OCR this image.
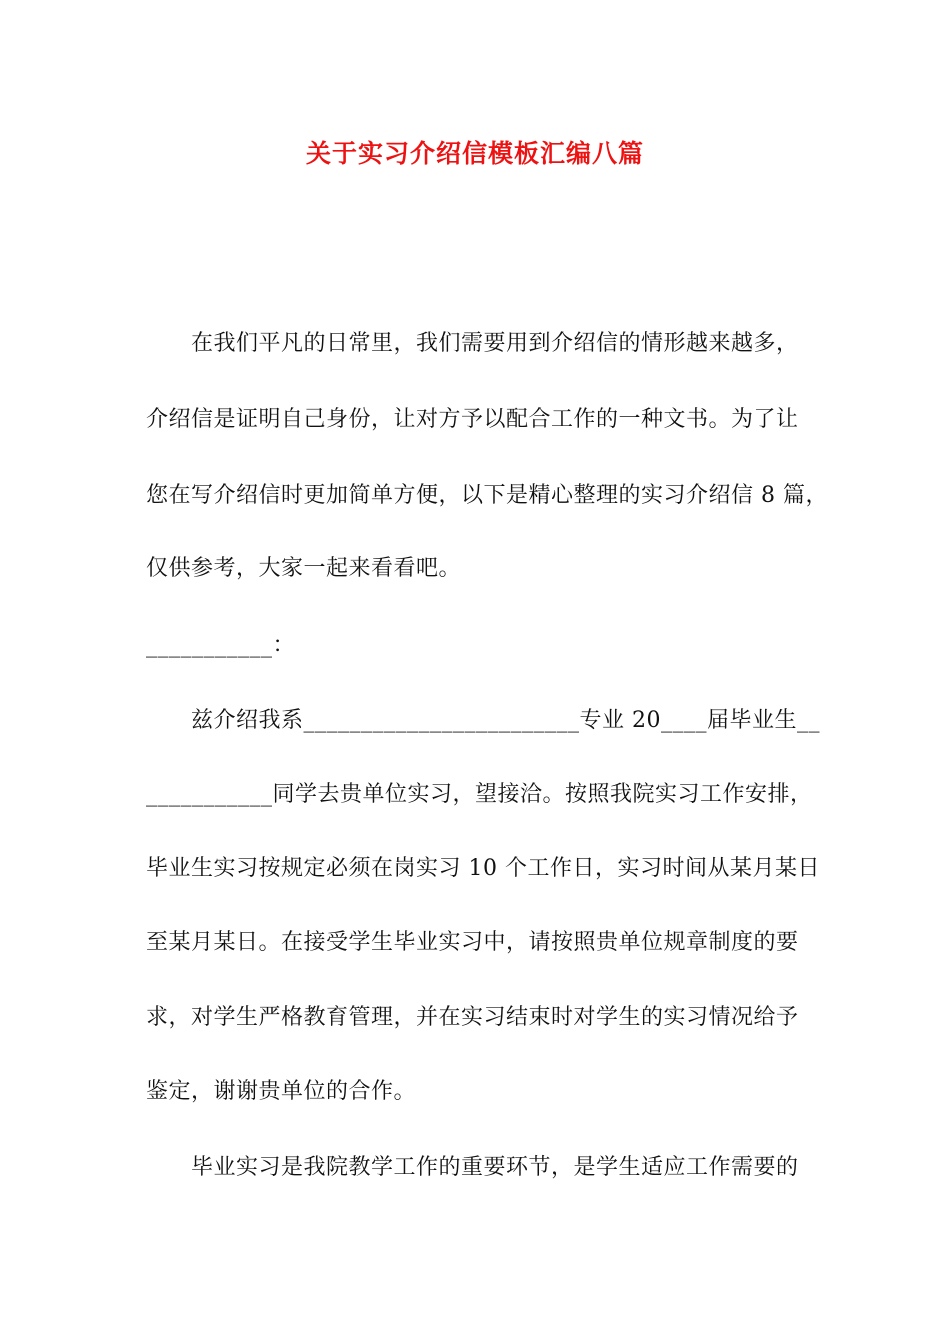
关于实习介绍信模板汇编八篇
在我们平凡的日常里，我们需要用到介绍信的情形越来越多，
介绍信是证明自己身份，让对方予以配合工作的一种文书。为了让
您在写介绍信时更加简单方便，以下是精心整理的实习介绍信 8 篇，
仅供参考，大家一起来看看吧。
___________：
兹介绍我系________________________专业 20____届毕业生__
___________同学去贵单位实习，望接洽。按照我院实习工作安排，
毕业生实习按规定必须在岗实习 10 个工作日，实习时间从某月某日
至某月某日。在接受学生毕业实习中，请按照贵单位规章制度的要
求，对学生严格教育管理，并在实习结束时对学生的实习情况给予
鉴定，谢谢贵单位的合作。
毕业实习是我院教学工作的重要环节，是学生适应工作需要的
